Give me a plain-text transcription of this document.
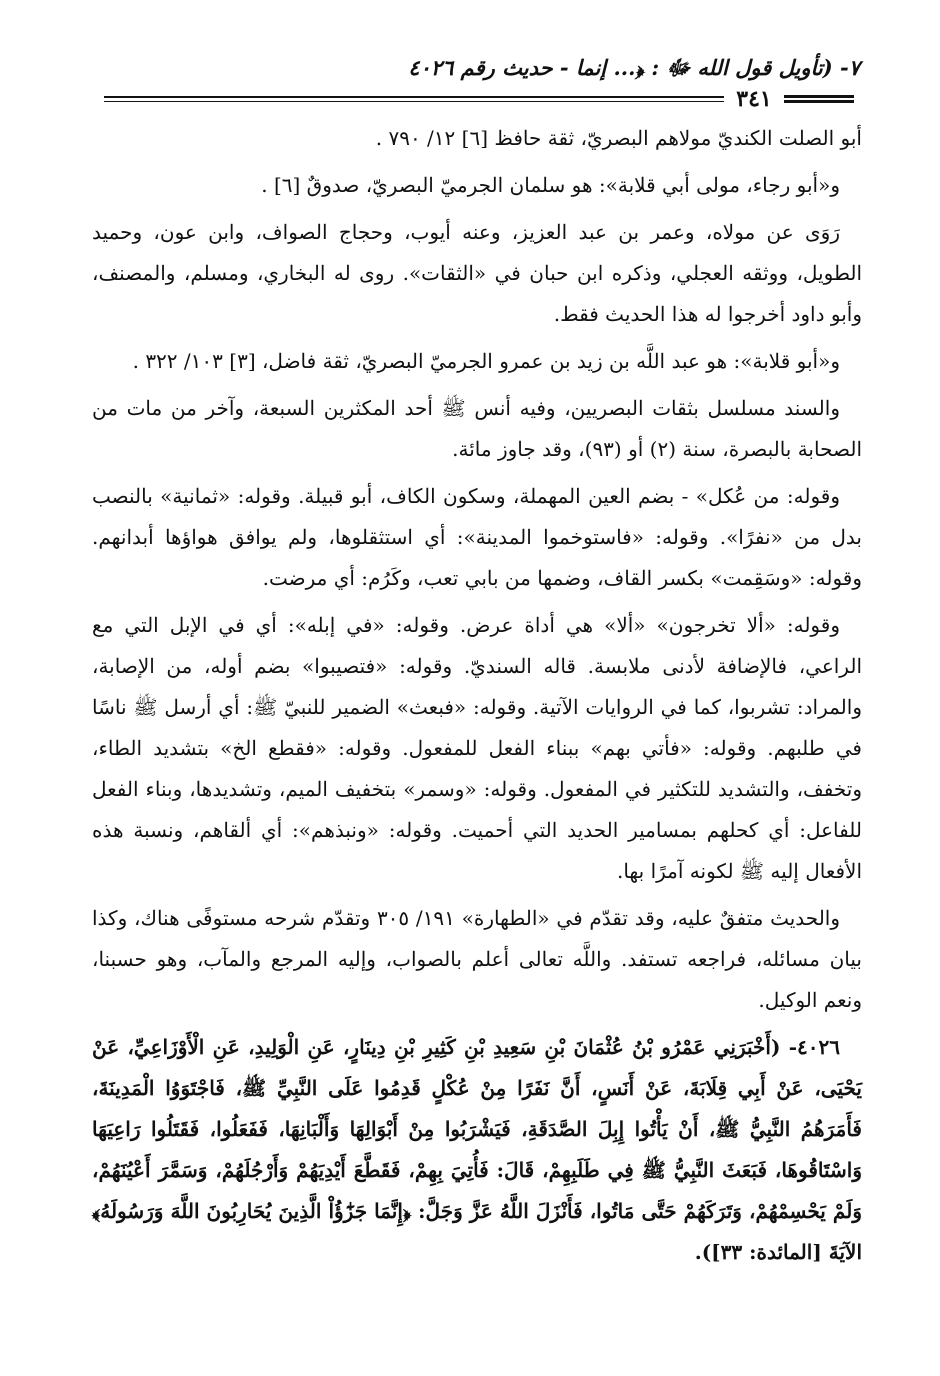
٧- (تأويل قول الله ﷻ : ﴿... إنما - حديث رقم ٤٠٢٦
٣٤١

أبو الصلت الكنديّ مولاهم البصريّ، ثقة حافظ [٦] ١٢/ ٧٩٠ .

و«أبو رجاء، مولى أبي قلابة»: هو سلمان الجرميّ البصريّ، صدوقٌ [٦] .

رَوَى عن مولاه، وعمر بن عبد العزيز، وعنه أيوب، وحجاج الصواف، وابن عون، وحميد الطويل، ووثقه العجلي، وذكره ابن حبان في «الثقات». روى له البخاري، ومسلم، والمصنف، وأبو داود أخرجوا له هذا الحديث فقط.

و«أبو قلابة»: هو عبد اللَّه بن زيد بن عمرو الجرميّ البصريّ، ثقة فاضل، [٣] ١٠٣/ ٣٢٢ .

والسند مسلسل بثقات البصريين، وفيه أنس ﷺ أحد المكثرين السبعة، وآخر من مات من الصحابة بالبصرة، سنة (٢) أو (٩٣)، وقد جاوز مائة.

وقوله: من عُكل» - بضم العين المهملة، وسكون الكاف، أبو قبيلة. وقوله: «ثمانية» بالنصب بدل من «نفرًا». وقوله: «فاستوخموا المدينة»: أي استثقلوها، ولم يوافق هواؤها أبدانهم. وقوله: «وسَقِمت» بكسر القاف، وضمها من بابي تعب، وكَرُم: أي مرضت.

وقوله: «ألا تخرجون» «ألا» هي أداة عرض. وقوله: «في إبله»: أي في الإبل التي مع الراعي، فالإضافة لأدنى ملابسة. قاله السنديّ. وقوله: «فتصيبوا» بضم أوله، من الإصابة، والمراد: تشربوا، كما في الروايات الآتية. وقوله: «فبعث» الضمير للنبيّ ﷺ: أي أرسل ﷺ ناسًا في طلبهم. وقوله: «فأتي بهم» ببناء الفعل للمفعول. وقوله: «فقطع الخ» بتشديد الطاء، وتخفف، والتشديد للتكثير في المفعول. وقوله: «وسمر» بتخفيف الميم، وتشديدها، وبناء الفعل للفاعل: أي كحلهم بمسامير الحديد التي أحميت. وقوله: «ونبذهم»: أي ألقاهم، ونسبة هذه الأفعال إليه ﷺ لكونه آمرًا بها.

والحديث متفقٌ عليه، وقد تقدّم في «الطهارة» ١٩١/ ٣٠٥ وتقدّم شرحه مستوفًى هناك، وكذا بيان مسائله، فراجعه تستفد. واللَّه تعالى أعلم بالصواب، وإليه المرجع والمآب، وهو حسبنا، ونعم الوكيل.

٤٠٢٦- (أَخْبَرَنِي عَمْرُو بْنُ عُثْمَانَ بْنِ سَعِيدِ بْنِ كَثِيرِ بْنِ دِينَارٍ، عَنِ الْوَلِيدِ، عَنِ الْأَوْزَاعِيِّ، عَنْ يَحْيَى، عَنْ أَبِي قِلَابَةَ، عَنْ أَنَسٍ، أَنَّ نَفَرًا مِنْ عُكْلٍ قَدِمُوا عَلَى النَّبِيِّ ﷺ، فَاجْتَوَوُا الْمَدِينَةَ، فَأَمَرَهُمُ النَّبِيُّ ﷺ، أَنْ يَأْتُوا إِبِلَ الصَّدَقَةِ، فَيَشْرَبُوا مِنْ أَبْوَالِهَا وَأَلْبَانِهَا، فَفَعَلُوا، فَقَتَلُوا رَاعِيَهَا وَاسْتَاقُوهَا، فَبَعَثَ النَّبِيُّ ﷺ فِي طَلَبِهِمْ، قَالَ: فَأُتِيَ بِهِمْ، فَقَطَّعَ أَيْدِيَهُمْ وَأَرْجُلَهُمْ، وَسَمَّرَ أَعْيُنَهُمْ، وَلَمْ يَحْسِمْهُمْ، وَتَرَكَهُمْ حَتَّى مَاتُوا، فَأَنْزَلَ اللَّهُ عَزَّ وَجَلَّ: ﴿إِنَّمَا جَزَٰٓؤُاْ الَّذِينَ يُحَارِبُونَ اللَّهَ وَرَسُولَهُ﴾ الآيَةَ [المائدة: ٣٣]).
